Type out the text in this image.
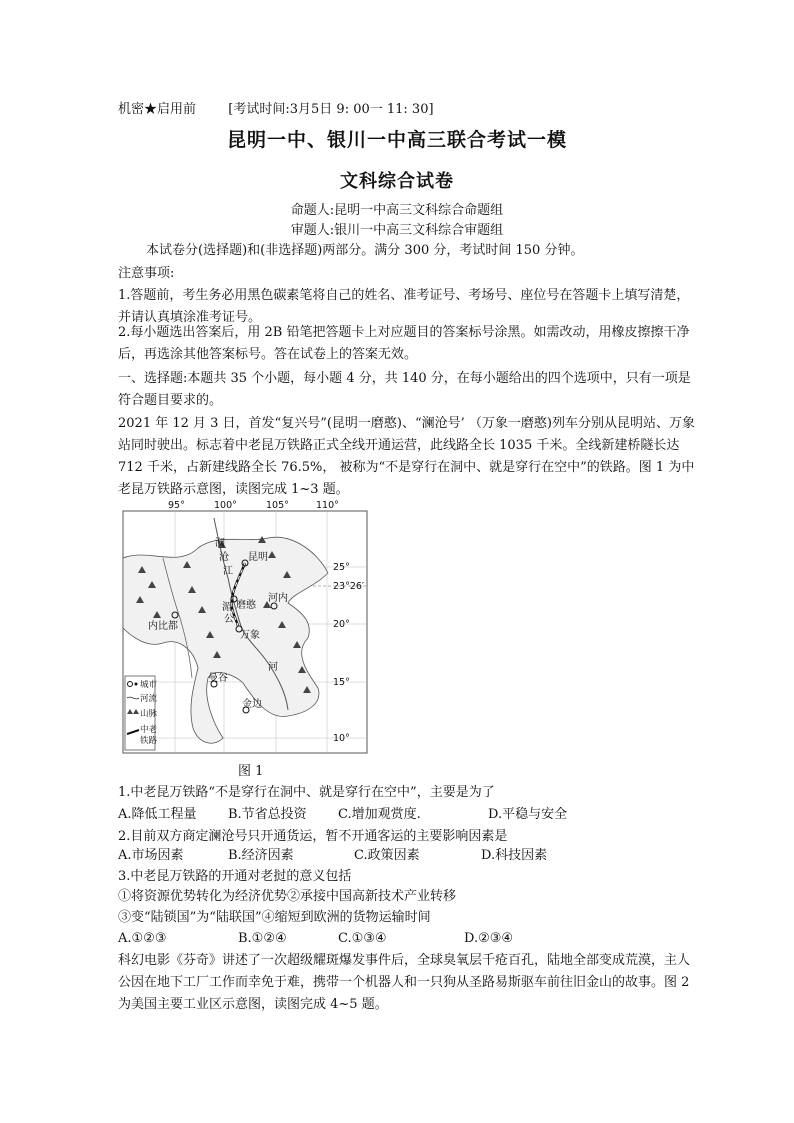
机密★启用前 [考试时间:3月5日 9: 00一 11: 30]
昆明一中、银川一中高三联合考试一模
文科综合试卷
命题人:昆明一中高三文科综合命题组
审题人:银川一中高三文科综合审题组
本试卷分(选择题)和(非选择题)两部分。满分 300 分，考试时间 150 分钟。
注意事项:
1.答题前，考生务必用黑色碳素笔将自己的姓名、准考证号、考场号、座位号在答题卡上填写清楚，并请认真填涂准考证号。
2.每小题选出答案后，用 2B 铅笔把答题卡上对应题目的答案标号涂黑。如需改动，用橡皮擦擦干净后，再选涂其他答案标号。答在试卷上的答案无效。
一、选择题:本题共 35 个小题，每小题 4 分，共 140 分，在每小题给出的四个选项中，只有一项是符合题目要求的。
2021 年 12 月 3 日，首发“复兴号”(昆明一磨憨)、“澜沧号’ （万象一磨憨)列车分别从昆明站、万象站同时驶出。标志着中老昆万铁路正式全线开通运营，此线路全长 1035 千米。全线新建桥隧长达 712 千米，占新建线路全长 76.5%， 被称为“不是穿行在洞中、就是穿行在空中”的铁路。图 1 为中老昆万铁路示意图，读图完成 1~3 题。
95°	100°	105°	110°
25°
23°26′
20°
15°
10°
昆明
磨憨
河内
内比都
万象
曼谷
金边
澜
沧
江
湄
公
河
城市
河流
山脉
中老
铁路
图 1
1.中老昆万铁路“不是穿行在洞中、就是穿行在空中”，主要是为了
A.降低工程量	B.节省总投资	C.增加观赏度.	D.平稳与安全
2.目前双方商定澜沧号只开通货运，暂不开通客运的主要影响因素是
A.市场因素	B.经济因素	C.政策因素	D.科技因素
3.中老昆万铁路的开通对老挝的意义包括
①将资源优势转化为经济优势②承接中国高新技术产业转移
③变“陆锁国”为“陆联国”④缩短到欧洲的货物运输时间
A.①②③	B.①②④	C.①③④	D.②③④
科幻电影《芬奇》讲述了一次超级耀斑爆发事件后，全球臭氧层千疮百孔，陆地全部变成荒漠，主人公因在地下工厂工作而幸免于难，携带一个机器人和一只狗从圣路易斯驱车前往旧金山的故事。图 2 为美国主要工业区示意图，读图完成 4~5 题。
